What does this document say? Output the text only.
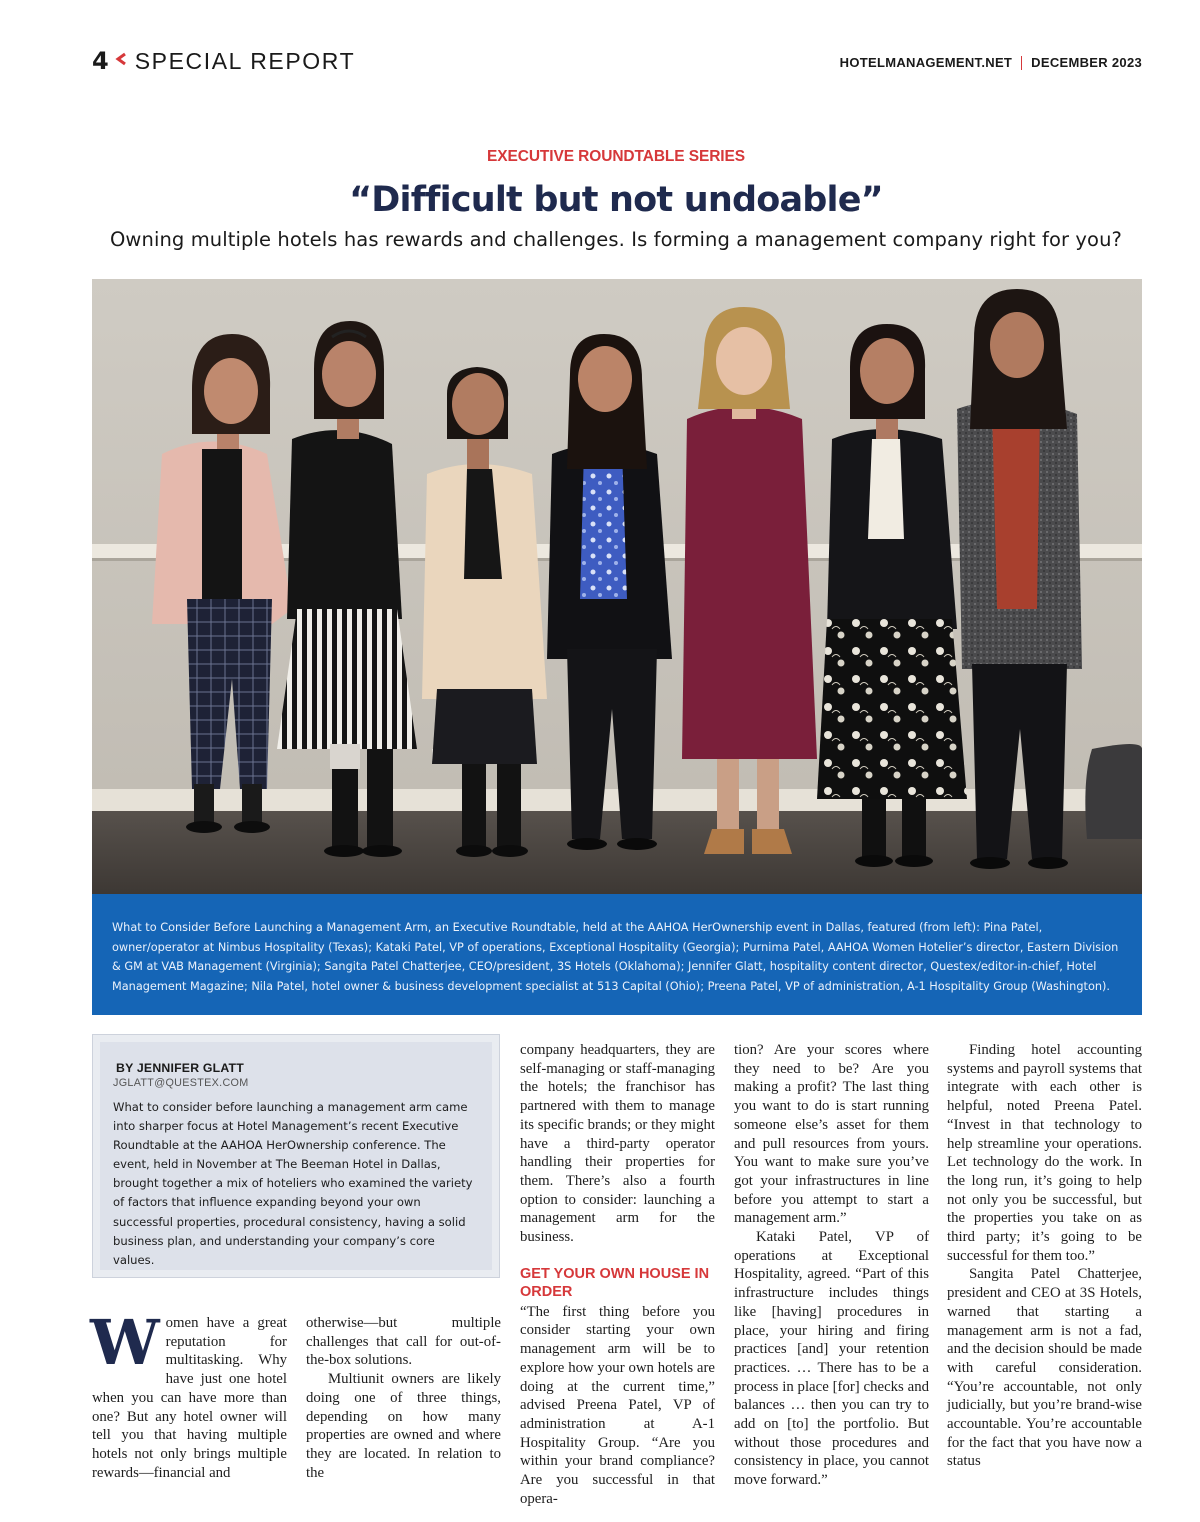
4 SPECIAL REPORT	HOTELMANAGEMENT.NET DECEMBER 2023
EXECUTIVE ROUNDTABLE SERIES
“Difficult but not undoable”
Owning multiple hotels has rewards and challenges. Is forming a management company right for you?

What to Consider Before Launching a Management Arm, an Executive Roundtable, held at the AAHOA HerOwnership event in Dallas, featured (from left): Pina Patel, owner/operator at Nimbus Hospitality (Texas); Kataki Patel, VP of operations, Exceptional Hospitality (Georgia); Purnima Patel, AAHOA Women Hotelier’s director, Eastern Division & GM at VAB Management (Virginia); Sangita Patel Chatterjee, CEO/president, 3S Hotels (Oklahoma); Jennifer Glatt, hospitality content director, Questex/editor-in-chief, Hotel Management Magazine; Nila Patel, hotel owner & business development specialist at 513 Capital (Ohio); Preena Patel, VP of administration, A-1 Hospitality Group (Washington).

BY JENNIFER GLATT
JGLATT@QUESTEX.COM

What to consider before launching a management arm came into sharper focus at Hotel Management’s recent Executive Roundtable at the AAHOA HerOwnership conference. The event, held in November at The Beeman Hotel in Dallas, brought together a mix of hoteliers who examined the variety of factors that influence expanding beyond your own successful properties, procedural consistency, having a solid business plan, and understanding your company’s core values.

Women have a great reputation for multitasking. Why have just one hotel when you can have more than one? But any hotel owner will tell you that having multiple hotels not only brings multiple rewards—financial and

otherwise—but multiple challenges that call for out-of-the-box solutions.

Multiunit owners are likely doing one of three things, depending on how many properties are owned and where they are located. In relation to the

company headquarters, they are self-managing or staff-managing the hotels; the franchisor has partnered with them to manage its specific brands; or they might have a third-party operator handling their properties for them. There’s also a fourth option to consider: launching a management arm for the business.

GET YOUR OWN HOUSE IN ORDER

“The first thing before you consider starting your own management arm will be to explore how your own hotels are doing at the current time,” advised Preena Patel, VP of administration at A-1 Hospitality Group. “Are you within your brand compliance? Are you successful in that opera-

tion? Are your scores where they need to be? Are you making a profit? The last thing you want to do is start running someone else’s asset for them and pull resources from yours. You want to make sure you’ve got your infrastructures in line before you attempt to start a management arm.”

Kataki Patel, VP of operations at Exceptional Hospitality, agreed. “Part of this infrastructure includes things like [having] procedures in place, your hiring and firing practices [and] your retention practices. … There has to be a process in place [for] checks and balances … then you can try to add on [to] the portfolio. But without those procedures and consistency in place, you cannot move forward.”

Finding hotel accounting systems and payroll systems that integrate with each other is helpful, noted Preena Patel. “Invest in that technology to help streamline your operations. Let technology do the work. In the long run, it’s going to help not only you be successful, but the properties you take on as third party; it’s going to be successful for them too.”

Sangita Patel Chatterjee, president and CEO at 3S Hotels, warned that starting a management arm is not a fad, and the decision should be made with careful consideration. “You’re accountable, not only judicially, but you’re brand-wise accountable. You’re accountable for the fact that you have now a status
